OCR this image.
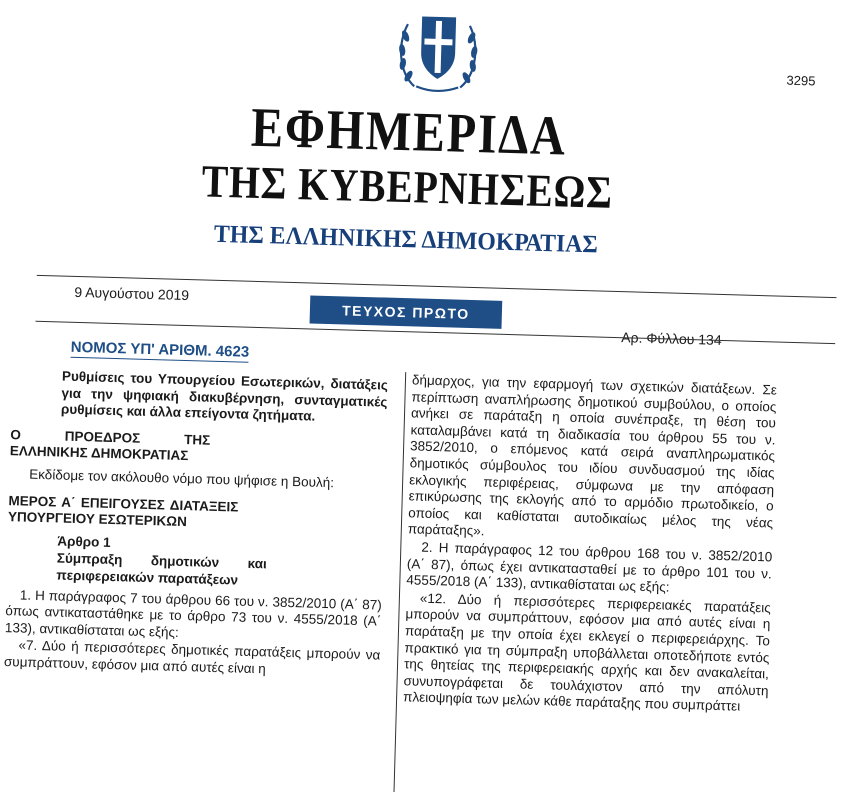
3295
ΕΦΗΜΕΡΙΔΑ
ΤΗΣ ΚΥΒΕΡΝΗΣΕΩΣ
ΤΗΣ ΕΛΛΗΝΙΚΗΣ ΔΗΜΟΚΡΑΤΙΑΣ
9 Αυγούστου 2019
ΤΕΥΧΟΣ ΠΡΩΤΟ
Αρ. Φύλλου 134
ΝΟΜΟΣ ΥΠ' ΑΡΙΘΜ. 4623

Ρυθμίσεις του Υπουργείου Εσωτερικών, διατάξεις για την ψηφιακή διακυβέρνηση, συνταγματικές ρυθμίσεις και άλλα επείγοντα ζητήματα.

Ο ΠΡΟΕΔΡΟΣ ΤΗΣ ΕΛΛΗΝΙΚΗΣ ΔΗΜΟΚΡΑΤΙΑΣ

Εκδίδομε τον ακόλουθο νόμο που ψήφισε η Βουλή:

ΜΕΡΟΣ Α΄ ΕΠΕΙΓΟΥΣΕΣ ΔΙΑΤΑΞΕΙΣ ΥΠΟΥΡΓΕΙΟΥ ΕΣΩΤΕΡΙΚΩΝ

Άρθρο 1

Σύμπραξη δημοτικών και περιφερειακών παρατάξεων

1. Η παράγραφος 7 του άρθρου 66 του ν. 3852/2010 (Α΄ 87) όπως αντικαταστάθηκε με το άρθρο 73 του ν. 4555/2018 (Α΄ 133), αντικαθίσταται ως εξής:

«7. Δύο ή περισσότερες δημοτικές παρατάξεις μπορούν να συμπράττουν, εφόσον μια από αυτές είναι η

δήμαρχος, για την εφαρμογή των σχετικών διατάξεων. Σε περίπτωση αναπλήρωσης δημοτικού συμβούλου, ο οποίος ανήκει σε παράταξη η οποία συνέπραξε, τη θέση του καταλαμβάνει κατά τη διαδικασία του άρθρου 55 του ν. 3852/2010, ο επόμενος κατά σειρά αναπληρωματικός δημοτικός σύμβουλος του ιδίου συνδυασμού της ιδίας εκλογικής περιφέρειας, σύμφωνα με την απόφαση επικύρωσης της εκλογής από το αρμόδιο πρωτοδικείο, ο οποίος και καθίσταται αυτοδικαίως μέλος της νέας παράταξης».

2. Η παράγραφος 12 του άρθρου 168 του ν. 3852/2010 (Α΄ 87), όπως έχει αντικατασταθεί με το άρθρο 101 του ν. 4555/2018 (Α΄ 133), αντικαθίσταται ως εξής:

«12. Δύο ή περισσότερες περιφερειακές παρατάξεις μπορούν να συμπράττουν, εφόσον μια από αυτές είναι η παράταξη με την οποία έχει εκλεγεί ο περιφερειάρχης. Το πρακτικό για τη σύμπραξη υποβάλλεται οποτεδήποτε εντός της θητείας της περιφερειακής αρχής και δεν ανακαλείται, συνυπογράφεται δε τουλάχιστον από την απόλυτη πλειοψηφία των μελών κάθε παράταξης που συμπράττει
